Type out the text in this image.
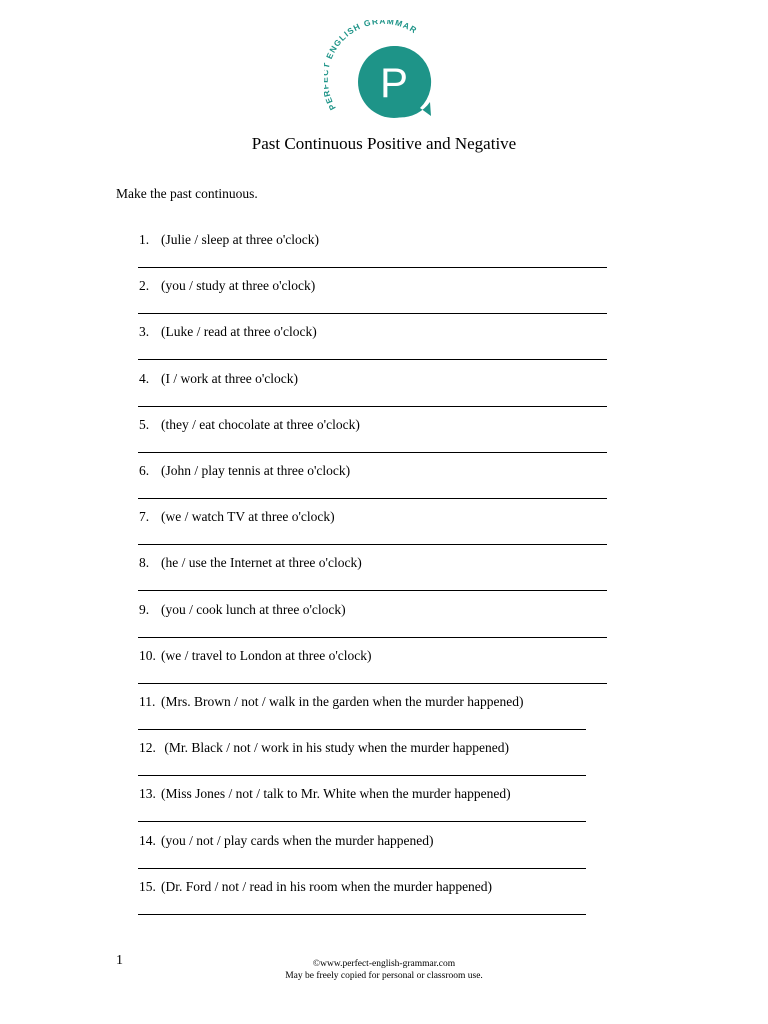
PE ENGLISH GRAMMAR
P
Past Continuous Positive and Negative
Make the past continuous.
1. (Julie / sleep at three o'clock)
2. (you / study at three o'clock)
3. (Luke / read at three o'clock)
4. (I / work at three o'clock)
5. (they / eat chocolate at three o'clock)
6. (John / play tennis at three o'clock)
7. (we / watch TV at three o'clock)
8. (he / use the Internet at three o'clock)
9. (you / cook lunch at three o'clock)
10. (we / travel to London at three o'clock)
11. (Mrs. Brown / not / walk in the garden when the murder happened)
12. (Mr. Black / not / work in his study when the murder happened)
13. (Miss Jones / not / talk to Mr. White when the murder happened)
14. (you / not / play cards when the murder happened)
15. (Dr. Ford / not / read in his room when the murder happened)
1	©www.perfect-english-grammar.com
May be freely copied for personal or classroom use.
